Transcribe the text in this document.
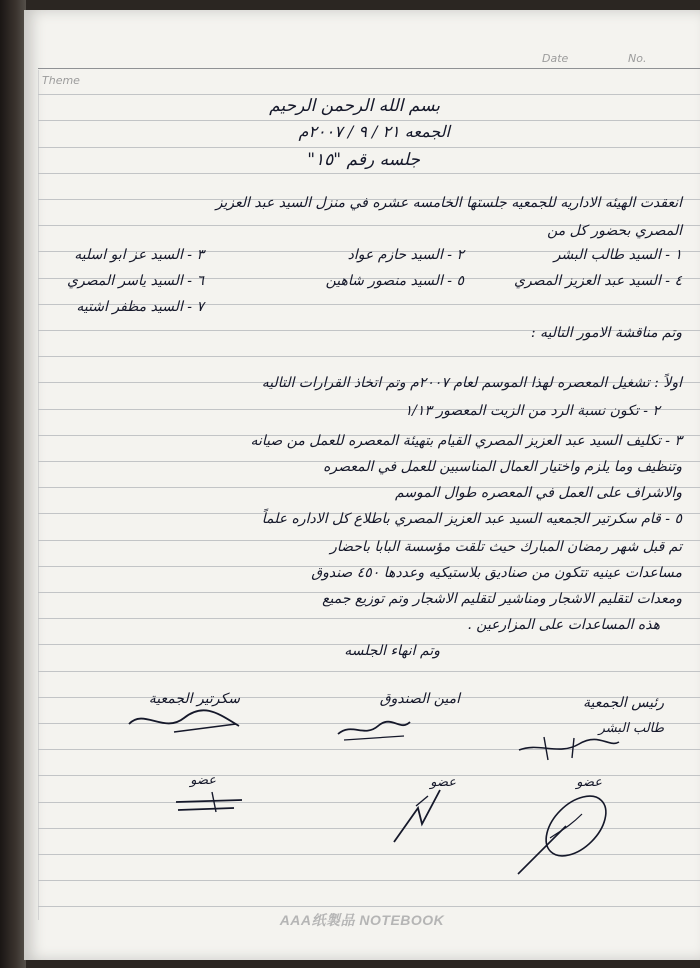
Date	No.
Theme
بسم الله الرحمن الرحيم
الجمعه ٢١ / ٩ / ٢٠٠٧م
جلسه رقم "١٥"
انعقدت الهيئه الاداريه للجمعيه جلستها الخامسه عشره في منزل السيد عبد العزيز
المصري بحضور كل من
١ - السيد طالب البشر
٢ - السيد حازم عواد
٣ - السيد عز ابو اسليه
٤ - السيد عبد العزيز المصري
٥ - السيد منصور شاهين
٦ - السيد ياسر المصري
٧ - السيد مظفر اشتيه
وتم مناقشة الامور التاليه :
اولاً : تشغيل المعصره لهذا الموسم لعام ٢٠٠٧م وتم اتخاذ القرارات التاليه
٢ - تكون نسبة الرد من الزيت المعصور ١/١٣
٣ - تكليف السيد عبد العزيز المصري القيام بتهيئة المعصره للعمل من صيانه
وتنظيف وما يلزم واختيار العمال المناسبين للعمل في المعصره
والاشراف على العمل في المعصره طوال الموسم
٥ - قام سكرتير الجمعيه السيد عبد العزيز المصري باطلاع كل الاداره علماً
تم قبل شهر رمضان المبارك حيث تلقت مؤسسة البابا باحضار
مساعدات عينيه تتكون من صناديق بلاستيكيه وعددها ٤٥٠ صندوق
ومعدات لتقليم الاشجار ومناشير لتقليم الاشجار وتم توزيع جميع
هذه المساعدات على المزارعين .
وتم انهاء الجلسه
رئيس الجمعية
امين الصندوق
سكرتير الجمعية
طالب البشر
عضو
عضو
عضو
AAA纸製品 NOTEBOOK
